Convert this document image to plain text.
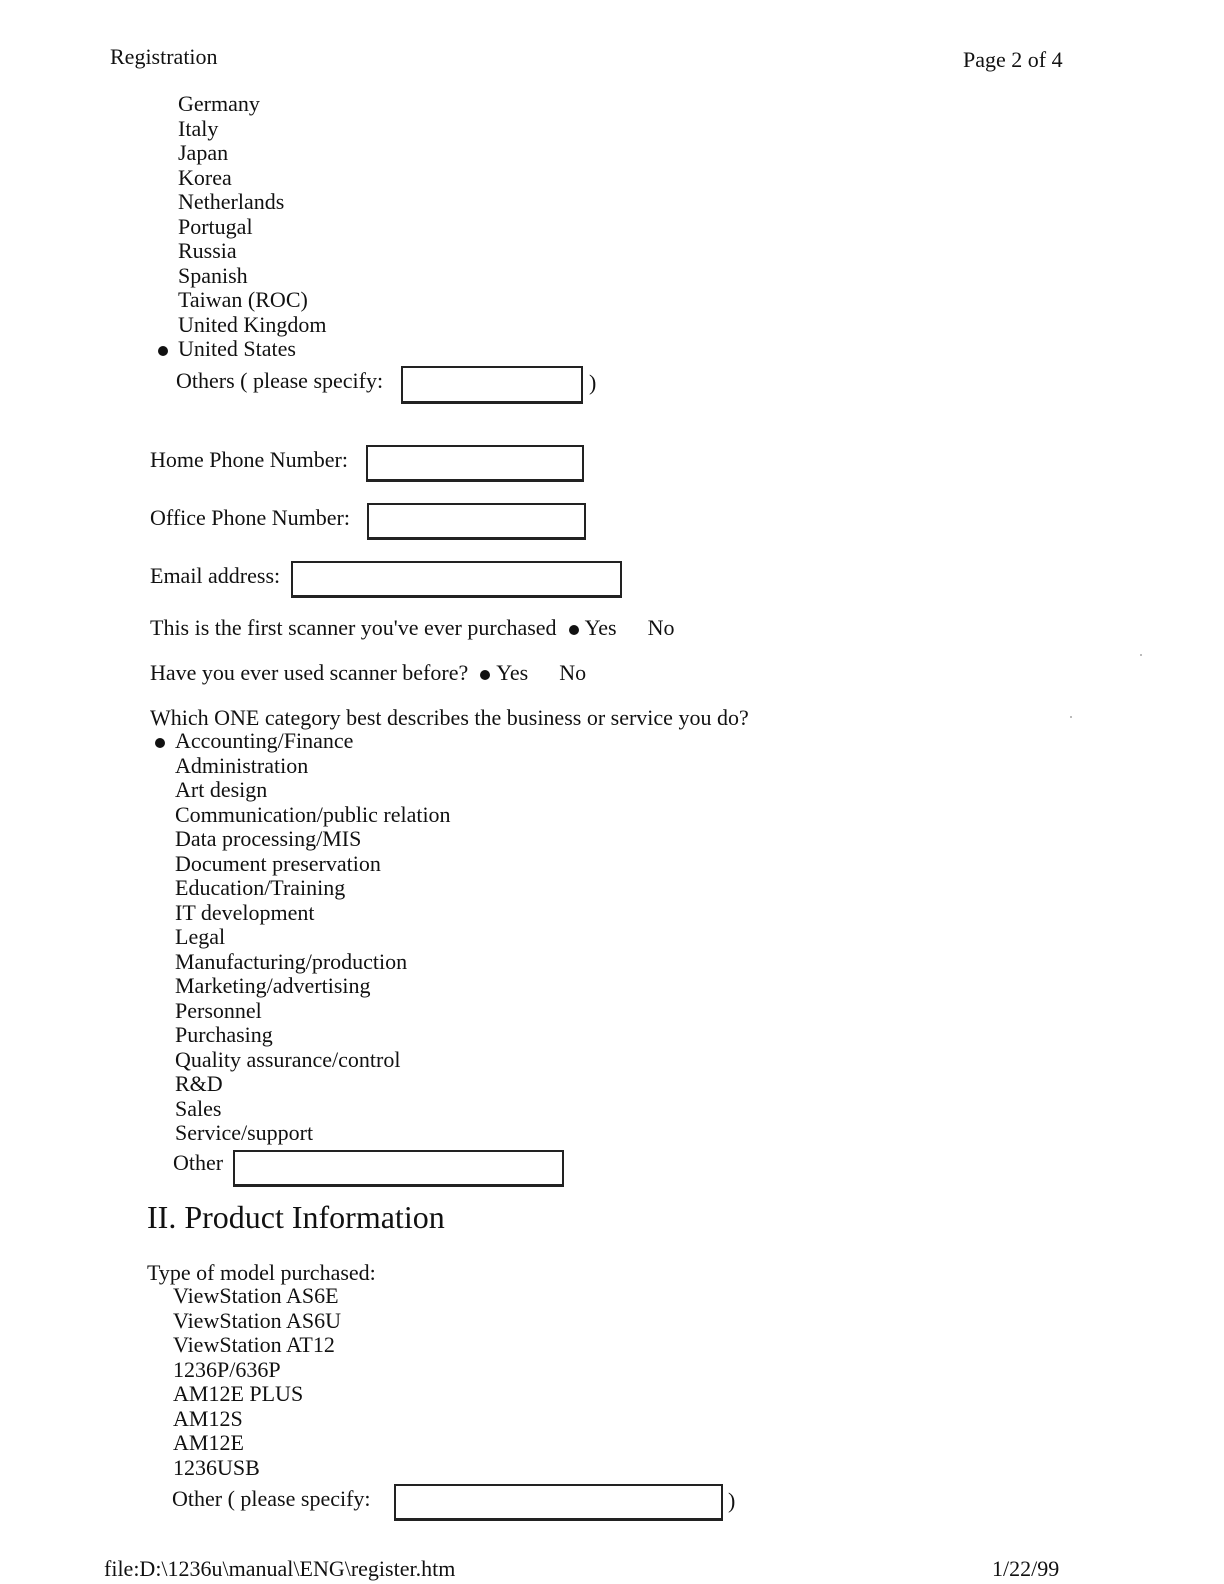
Registration	Page 2 of 4
Germany
Italy
Japan
Korea
Netherlands
Portugal
Russia
Spanish
Taiwan (ROC)
United Kingdom
United States
Others ( please specify:	)
Home Phone Number:
Office Phone Number:
Email address:
This is the first scanner you've ever purchased Yes No
Have you ever used scanner before? Yes No
Which ONE category best describes the business or service you do?
Accounting/Finance
Administration
Art design
Communication/public relation
Data processing/MIS
Document preservation
Education/Training
IT development
Legal
Manufacturing/production
Marketing/advertising
Personnel
Purchasing
Quality assurance/control
R&D
Sales
Service/support
Other
II. Product Information
Type of model purchased:
ViewStation AS6E
ViewStation AS6U
ViewStation AT12
1236P/636P
AM12E PLUS
AM12S
AM12E
1236USB
Other ( please specify:	)
file:D:\1236u\manual\ENG\register.htm	1/22/99
